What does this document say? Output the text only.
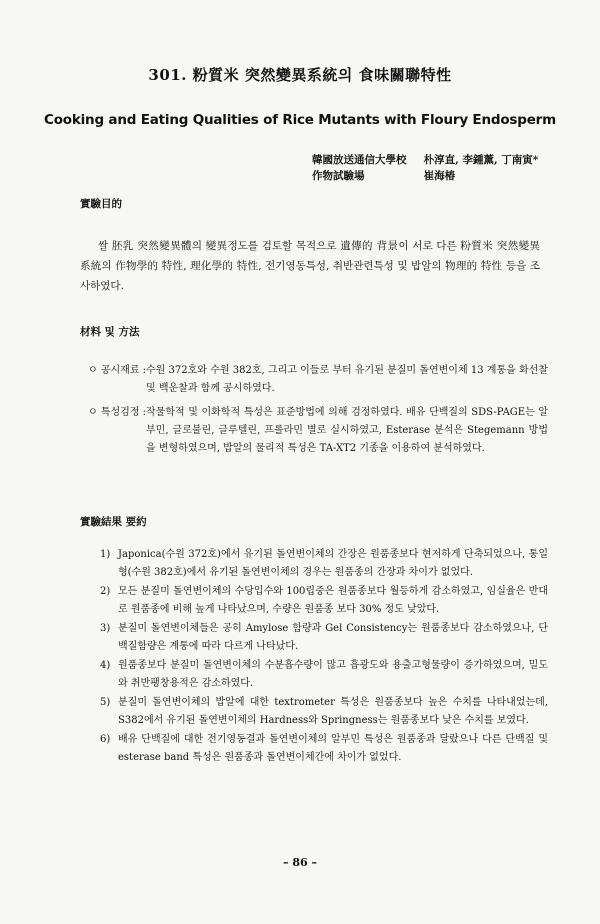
301. 粉質米 突然變異系統의 食味關聯特性
Cooking and Eating Qualities of Rice Mutants with Floury Endosperm
韓國放送通信大學校 朴淳直, 李鍾薰, 丁南寅*
作物試驗場	崔海椿
實驗目的
쌀 胚乳 突然變異體의 變異정도를 검토할 목적으로 遺傳的 背景이 서로 다른 粉質米 突然變異 系統의 作物學的 特性, 理化學的 特性, 전기영동특성, 취반관련특성 및 밥알의 物理的 特性 등을 조사하였다.
材料 및 方法
ㅇ 공시재료 : 수원 372호와 수원 382호, 그리고 이들로 부터 유기된 분질미 돌연변이체 13 계통을 화선찰 및 백운찰과 함께 공시하였다.
ㅇ 특성검정 : 작물학적 및 이화학적 특성은 표준방법에 의해 검정하였다. 배유 단백질의 SDS-PAGE는 알부민, 글로불린, 글루텔린, 프롤라민 별로 실시하였고, Esterase 분석은 Stegemann 방법을 변형하였으며, 밥알의 물리적 특성은 TA-XT2 기종을 이용하여 분석하였다.
實驗結果 要約
1) Japonica(수원 372호)에서 유기된 돌연변이체의 간장은 원품종보다 현저하게 단축되었으나, 통일형(수원 382호)에서 유기된 돌연변이체의 경우는 원품종의 간장과 차이가 없었다.
2) 모든 분질미 돌연변이체의 수당입수와 100립중은 원품종보다 월등하게 감소하였고, 임실율은 반대로 원품종에 비해 높게 나타났으며, 수량은 원품종 보다 30% 정도 낮았다.
3) 분질미 돌연변이체들은 공히 Amylose 함량과 Gel Consistency는 원품종보다 감소하였으나, 단백질함량은 계통에 따라 다르게 나타났다.
4) 원품종보다 분질미 돌연변이체의 수분흡수량이 많고 흡광도와 용출고형물량이 증가하였으며, 밀도와 취반팽창용적은 감소하였다.
5) 분질미 돌연변이체의 밥알에 대한 textrometer 특성은 원품종보다 높은 수치를 나타내었는데, S382에서 유기된 돌연변이체의 Hardness와 Springness는 원품종보다 낮은 수치를 보였다.
6) 배유 단백질에 대한 전기영동결과 돌연변이체의 알부민 특성은 원품종과 달랐으나 다른 단백질 및 esterase band 특성은 원품종과 돌연변이체간에 차이가 없었다.
– 86 –
